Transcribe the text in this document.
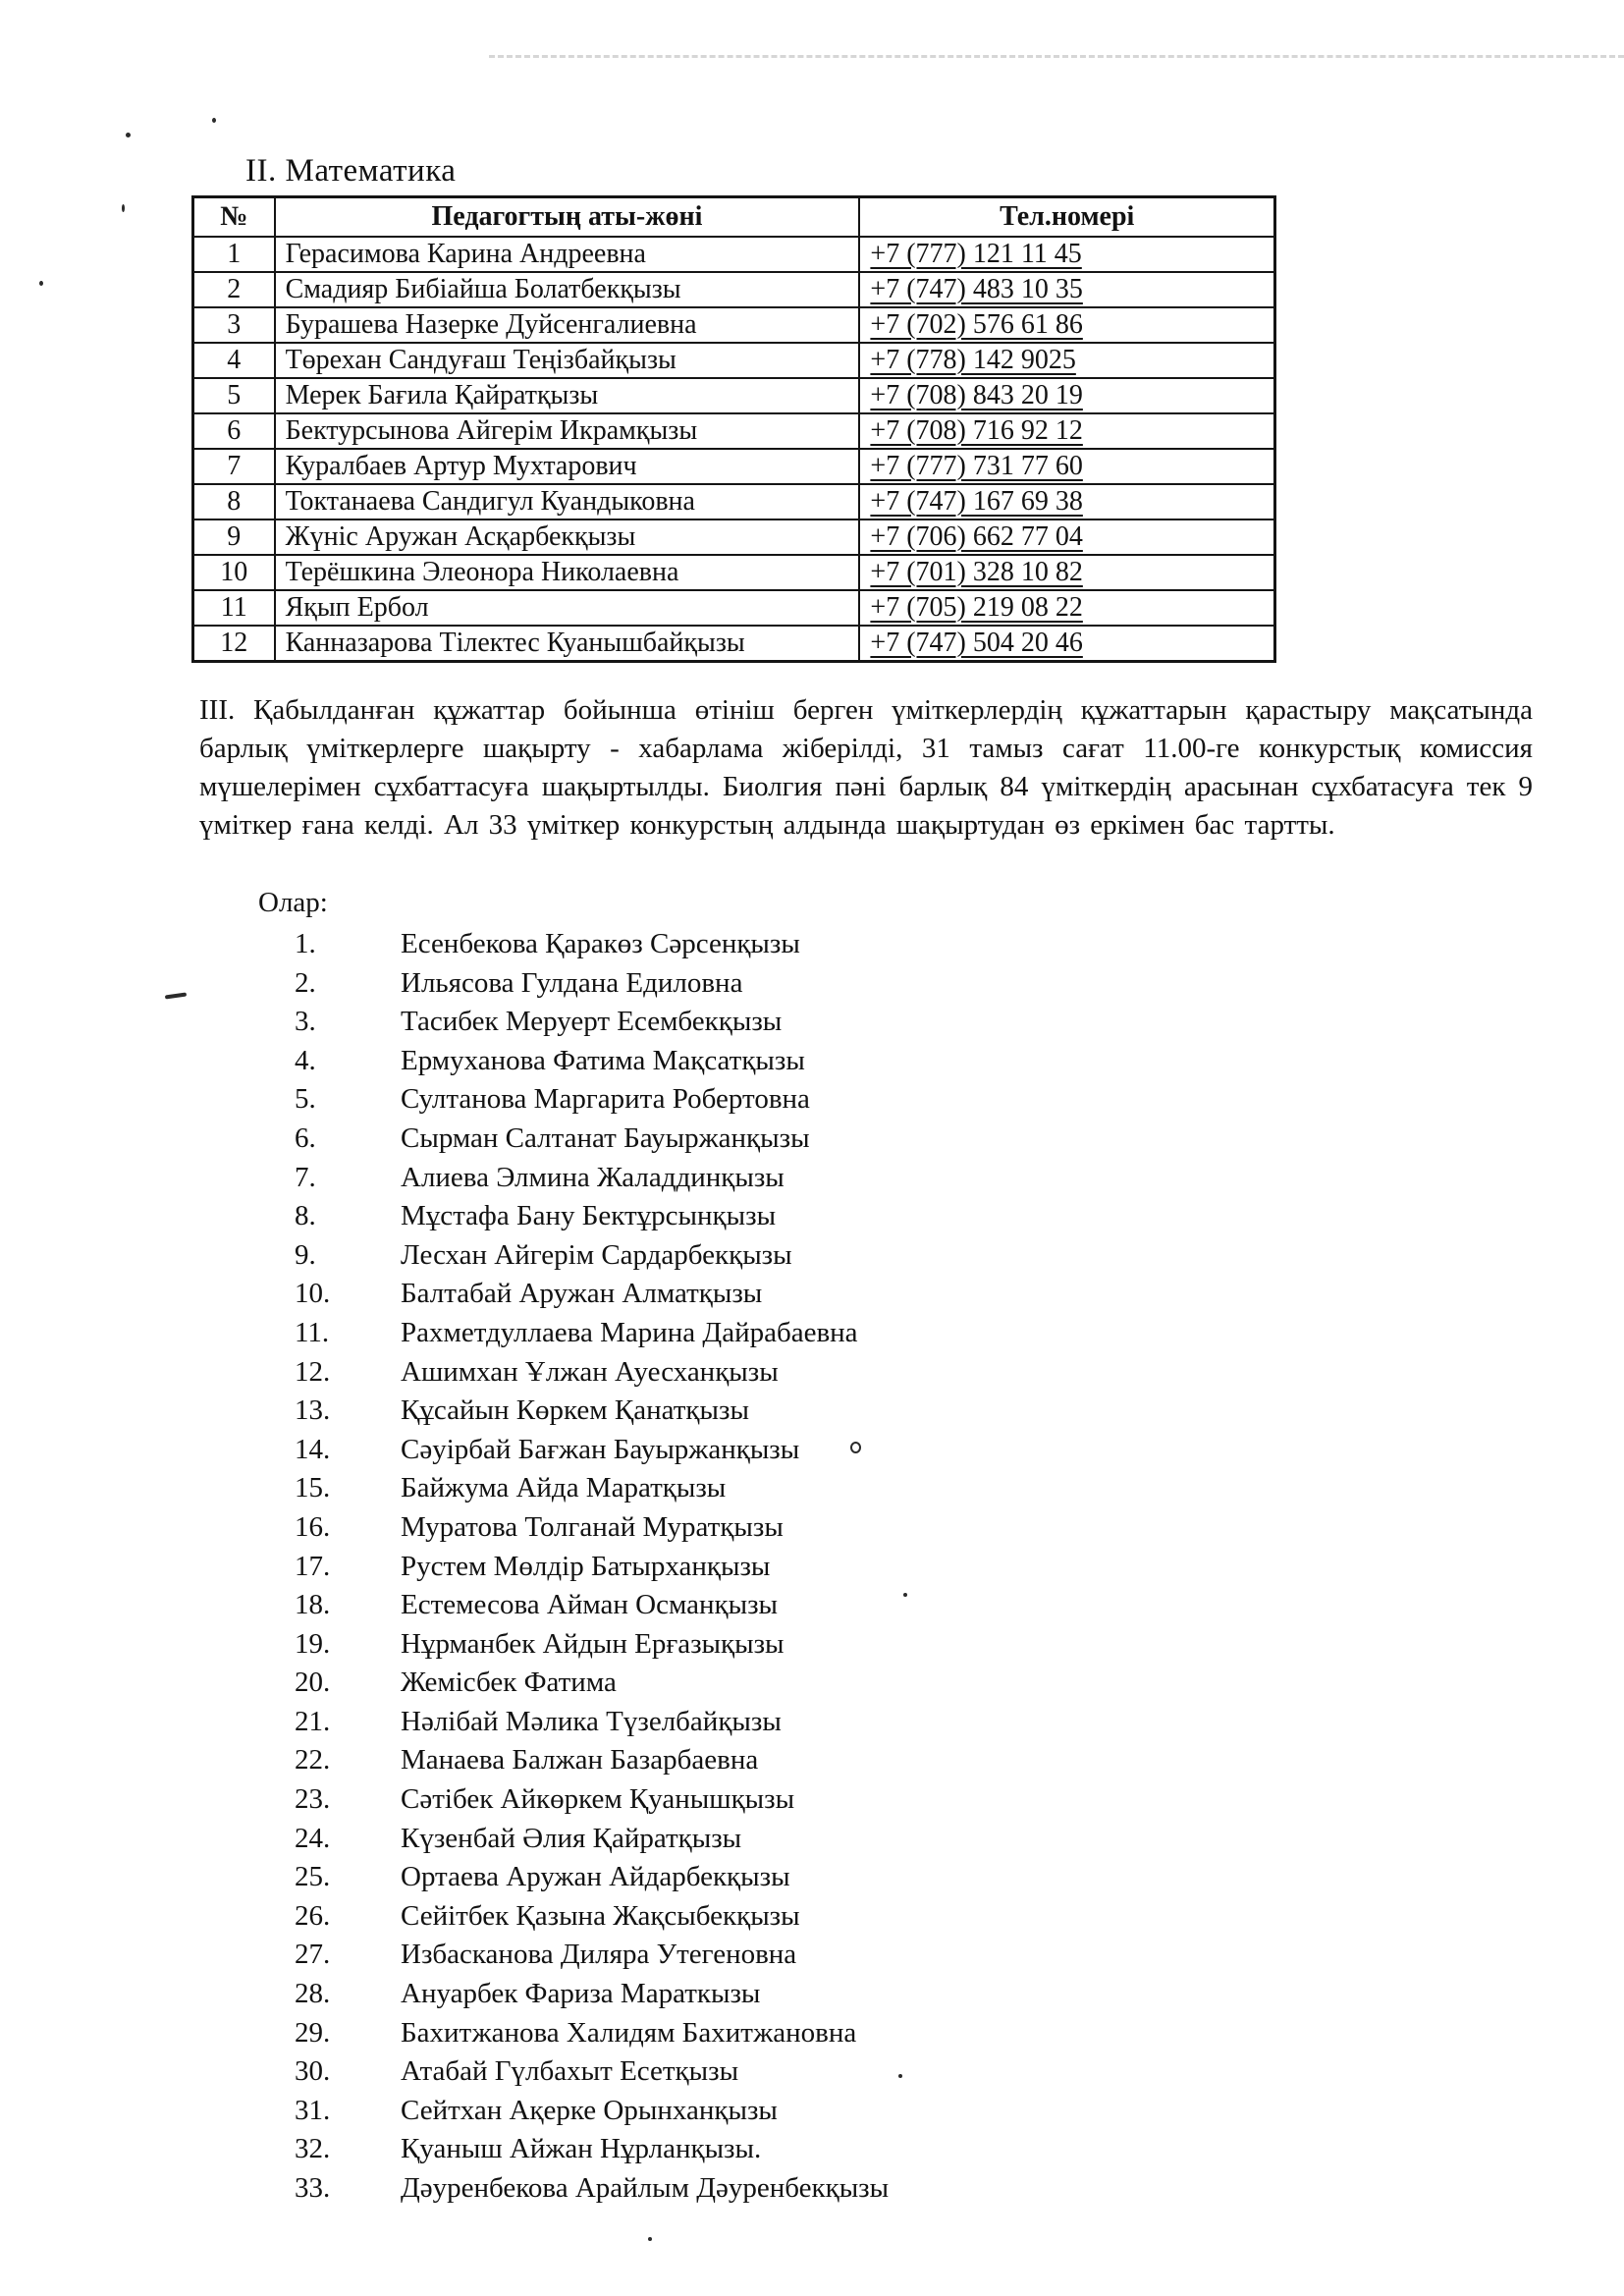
II. Математика
№	Педагогтың аты-жөні	Тел.номері
1	Герасимова Карина Андреевна	+7 (777) 121 11 45
2	Смадияр Бибіайша Болатбекқызы	+7 (747) 483 10 35
3	Бурашева Назерке Дуйсенгалиевна	+7 (702) 576 61 86
4	Төрехан Сандуғаш Теңізбайқызы	+7 (778) 142 9025
5	Мерек Бағила Қайратқызы	+7 (708) 843 20 19
6	Бектурсынова Айгерім Икрамқызы	+7 (708) 716 92 12
7	Куралбаев Артур Мухтарович	+7 (777) 731 77 60
8	Токтанаева Сандигул Куандыковна	+7 (747) 167 69 38
9	Жүніс Аружан Асқарбекқызы	+7 (706) 662 77 04
10	Терёшкина Элеонора Николаевна	+7 (701) 328 10 82
11	Яқып Ербол	+7 (705) 219 08 22
12	Канназарова Тілектес Куанышбайқызы	+7 (747) 504 20 46

III. Қабылданған құжаттар бойынша өтініш берген үміткерлердің құжаттарын қарастыру мақсатында барлық үміткерлерге шақырту - хабарлама жіберілді, 31 тамыз сағат 11.00-ге конкурстық комиссия мүшелерімен сұхбаттасуға шақыртылды. Биолгия пәні барлық 84 үміткердің арасынан сұхбатасуға тек 9 үміткер ғана келді. Ал 33 үміткер конкурстың алдында шақыртудан өз еркімен бас тартты.

Олар:

1.	Есенбекова Қаракөз Сәрсенқызы
2.	Ильясова Гулдана Едиловна
3.	Тасибек Меруерт Есембекқызы
4.	Ермуханова Фатима Мақсатқызы
5.	Султанова Маргарита Робертовна
6.	Сырман Салтанат Бауыржанқызы
7.	Алиева Элмина Жаладдинқызы
8.	Мұстафа Бану Бектұрсынқызы
9.	Лесхан Айгерім Сардарбекқызы
10. Балтабай Аружан Алматқызы
11.	Рахметдуллаева Марина Дайрабаевна
12. Ашимхан Ұлжан Ауесханқызы
13. Құсайын Көркем Қанатқызы
14. Сәуірбай Бағжан Бауыржанқызы
15. Байжума Айда Маратқызы
16. Муратова Толганай Муратқызы
17. Рустем Мөлдір Батырханқызы
18. Естемесова Айман Османқызы
19. Нұрманбек Айдын Ерғазықызы
20. Жемісбек Фатима
21. Нәлібай Мәлика Түзелбайқызы
22. Манаева Балжан Базарбаевна
23. Сәтібек Айкөркем Қуанышқызы
24. Күзенбай Әлия Қайратқызы
25. Ортаева Аружан Айдарбекқызы
26. Сейітбек Қазына Жақсыбекқызы
27. Избасканова Диляра Утегеновна
28. Ануарбек Фариза Мараткызы
29. Бахитжанова Халидям Бахитжановна
30. Атабай Гүлбахыт Есетқызы
31. Сейтхан Ақерке Орынханқызы
32. Қуаныш Айжан Нұрланқызы.
33. Дәуренбекова Арайлым Дәуренбекқызы
